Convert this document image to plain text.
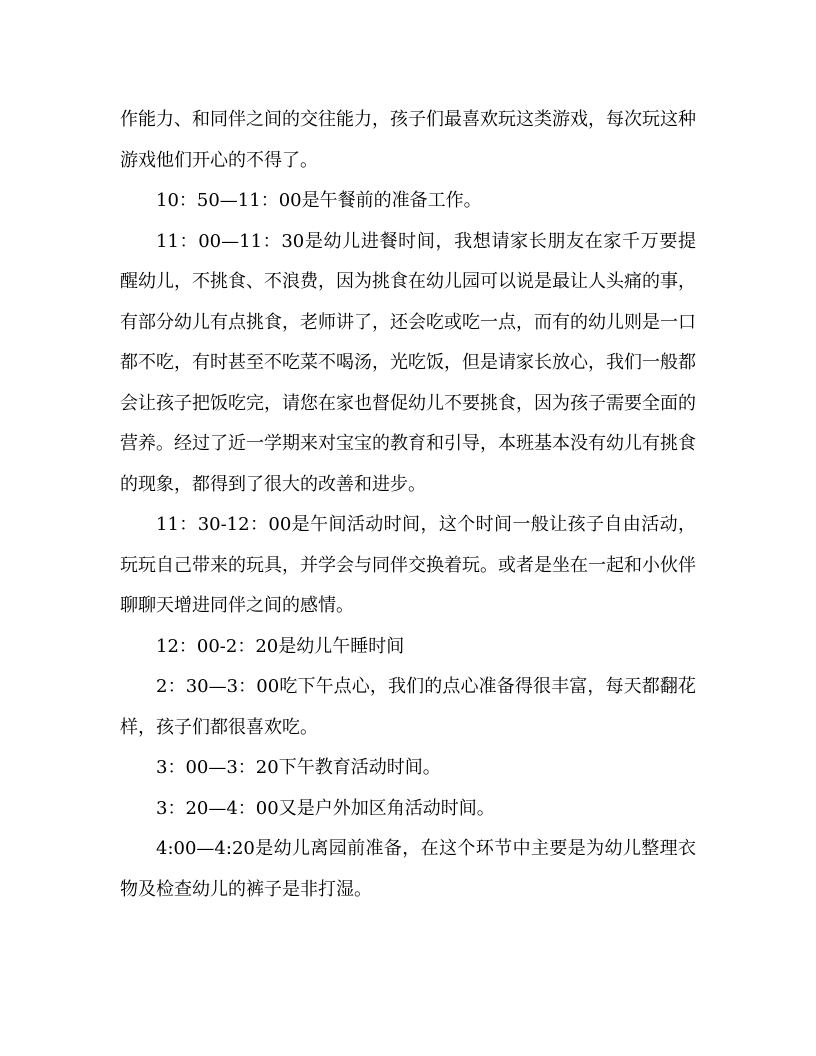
作能力、和同伴之间的交往能力，孩子们最喜欢玩这类游戏，每次玩这种游戏他们开心的不得了。

10：50—11：00是午餐前的准备工作。

11：00—11：30是幼儿进餐时间，我想请家长朋友在家千万要提醒幼儿，不挑食、不浪费，因为挑食在幼儿园可以说是最让人头痛的事，有部分幼儿有点挑食，老师讲了，还会吃或吃一点，而有的幼儿则是一口都不吃，有时甚至不吃菜不喝汤，光吃饭，但是请家长放心，我们一般都会让孩子把饭吃完，请您在家也督促幼儿不要挑食，因为孩子需要全面的营养。经过了近一学期来对宝宝的教育和引导，本班基本没有幼儿有挑食的现象，都得到了很大的改善和进步。

11：30-12：00是午间活动时间，这个时间一般让孩子自由活动，玩玩自己带来的玩具，并学会与同伴交换着玩。或者是坐在一起和小伙伴聊聊天增进同伴之间的感情。

12：00-2：20是幼儿午睡时间

2：30—3：00吃下午点心，我们的点心准备得很丰富，每天都翻花样，孩子们都很喜欢吃。

3：00—3：20下午教育活动时间。

3：20—4：00又是户外加区角活动时间。

4:00—4:20是幼儿离园前准备，在这个环节中主要是为幼儿整理衣物及检查幼儿的裤子是非打湿。
